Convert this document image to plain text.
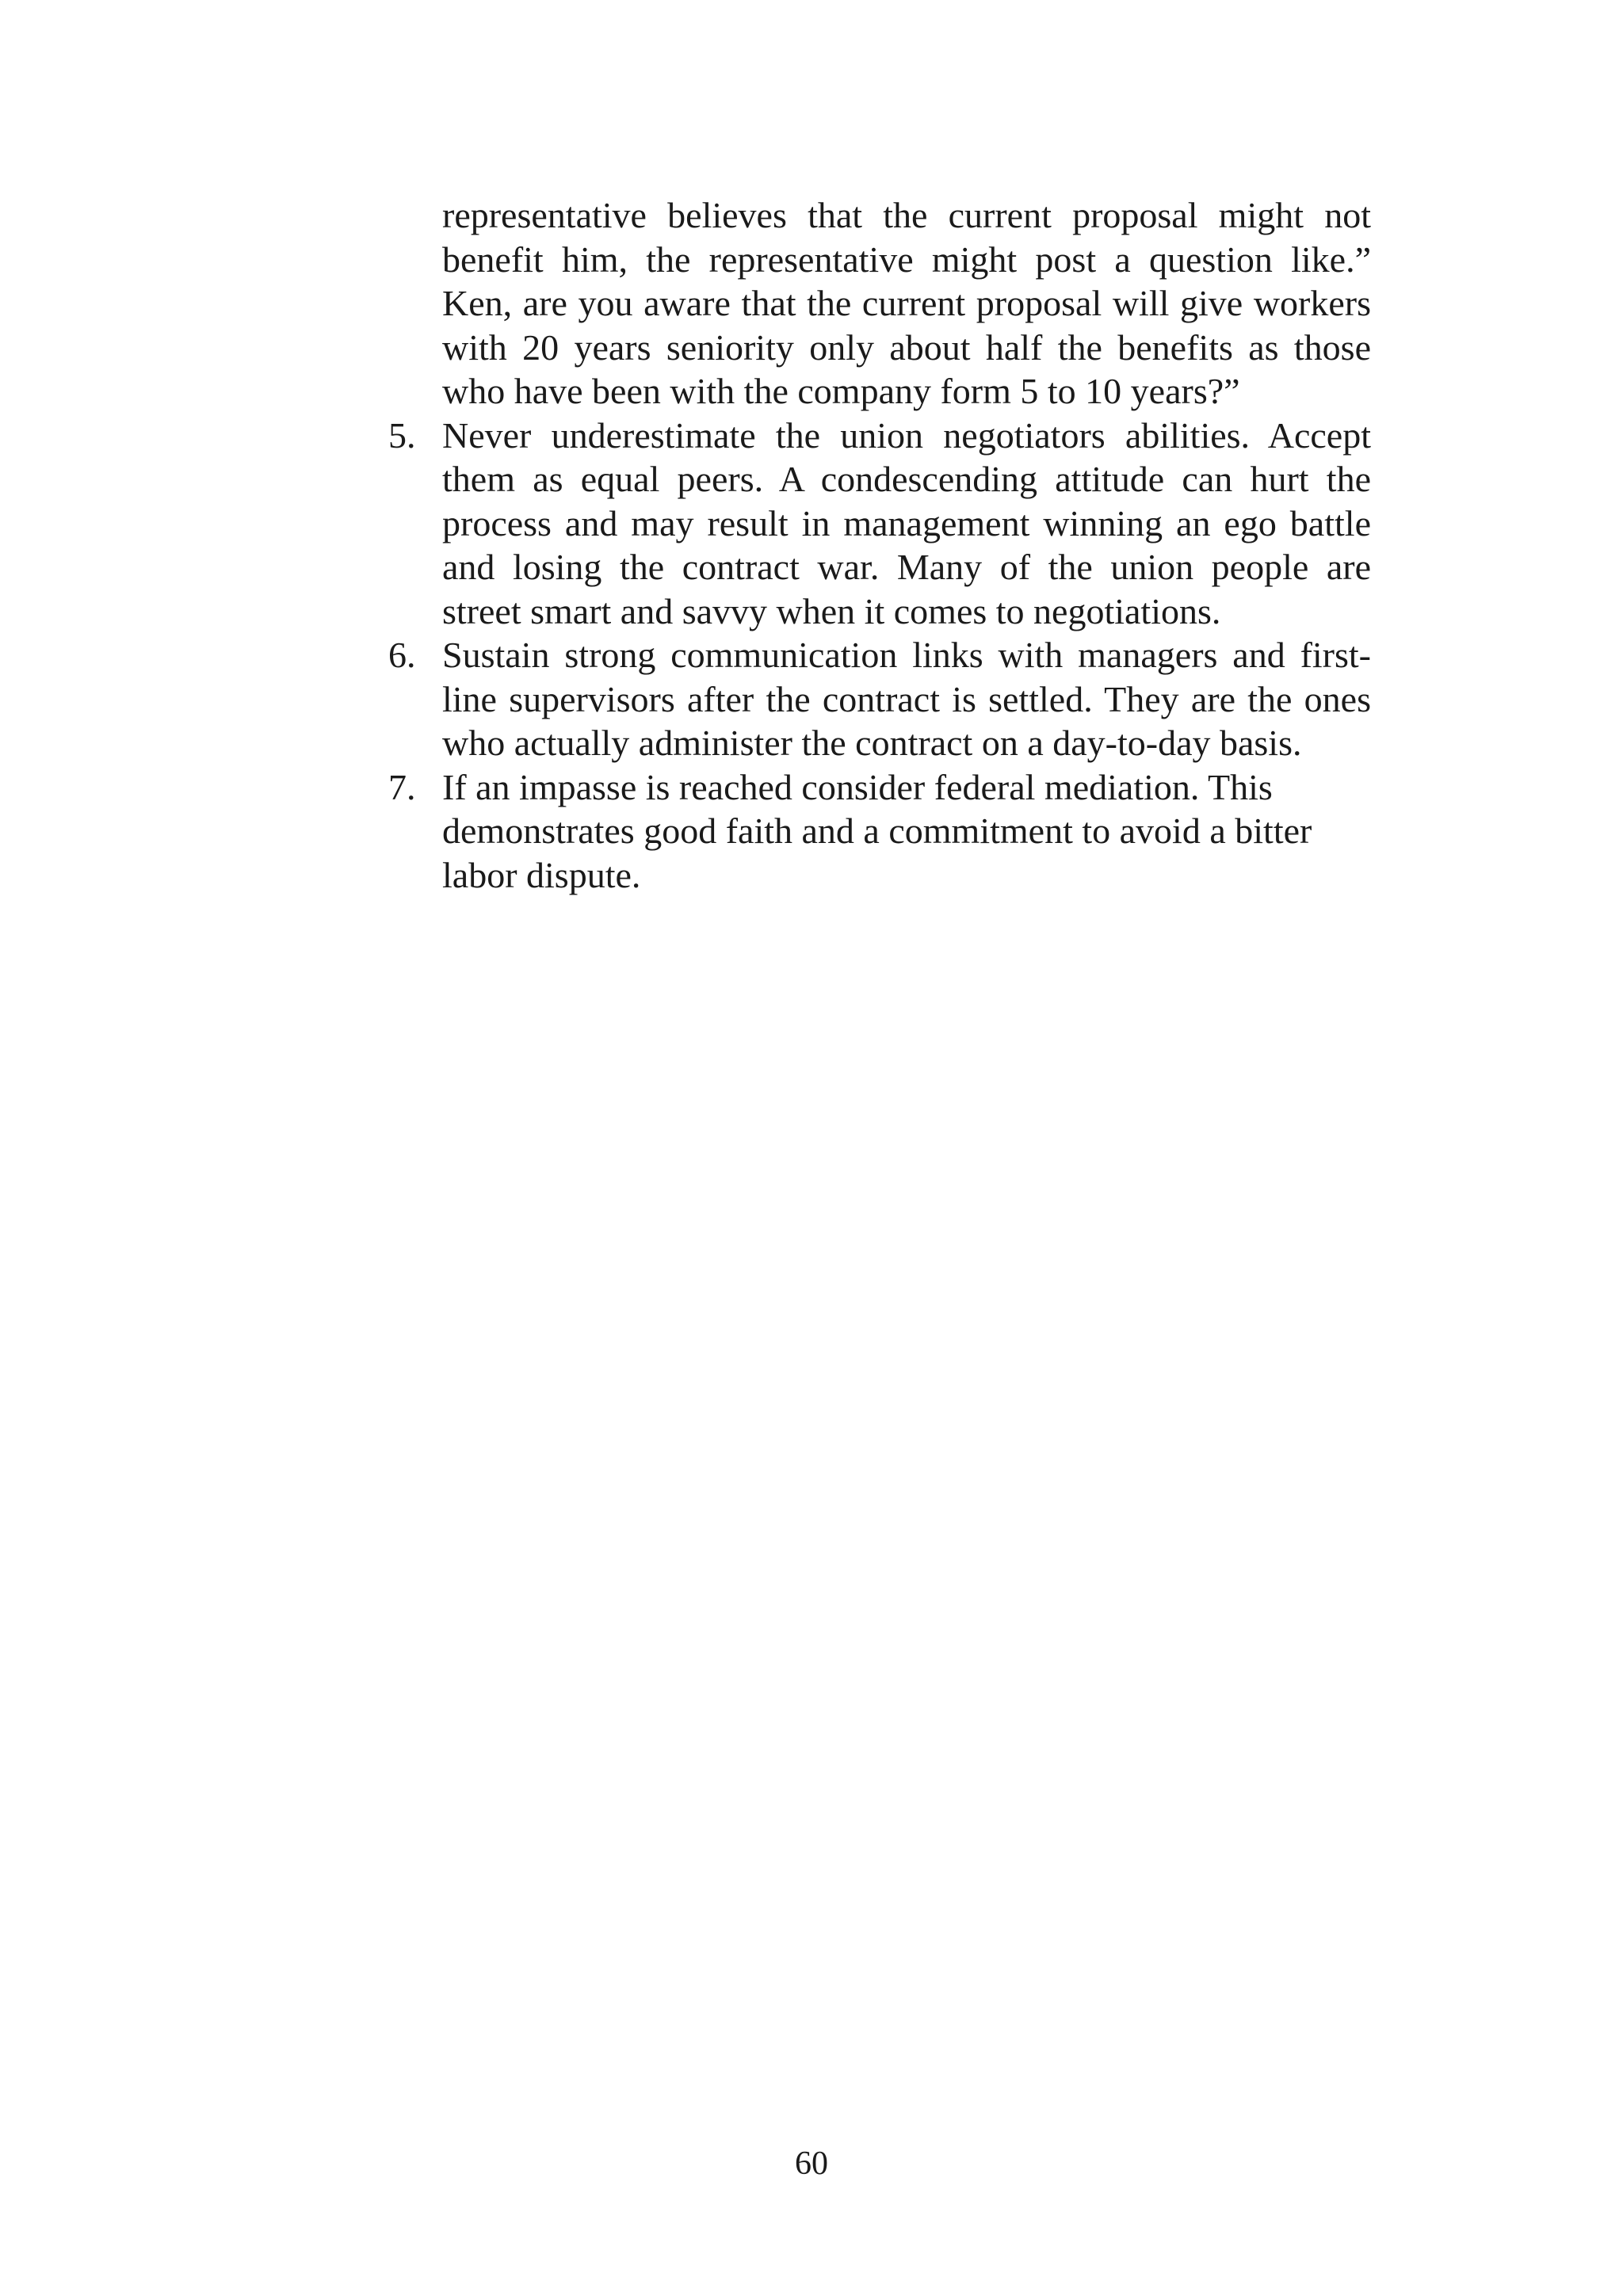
representative believes that the current proposal might not benefit him, the representative might post a question like.” Ken, are you aware that the current proposal will give workers with 20 years seniority only about half the benefits as those who have been with the company form 5 to 10 years?”
5. Never underestimate the union negotiators abilities. Accept them as equal peers. A condescending attitude can hurt the process and may result in management winning an ego battle and losing the contract war. Many of the union people are street smart and savvy when it comes to negotiations.
6. Sustain strong communication links with managers and first-line supervisors after the contract is settled. They are the ones who actually administer the contract on a day-to-day basis.
7. If an impasse is reached consider federal mediation. This demonstrates good faith and a commitment to avoid a bitter labor dispute.
60
